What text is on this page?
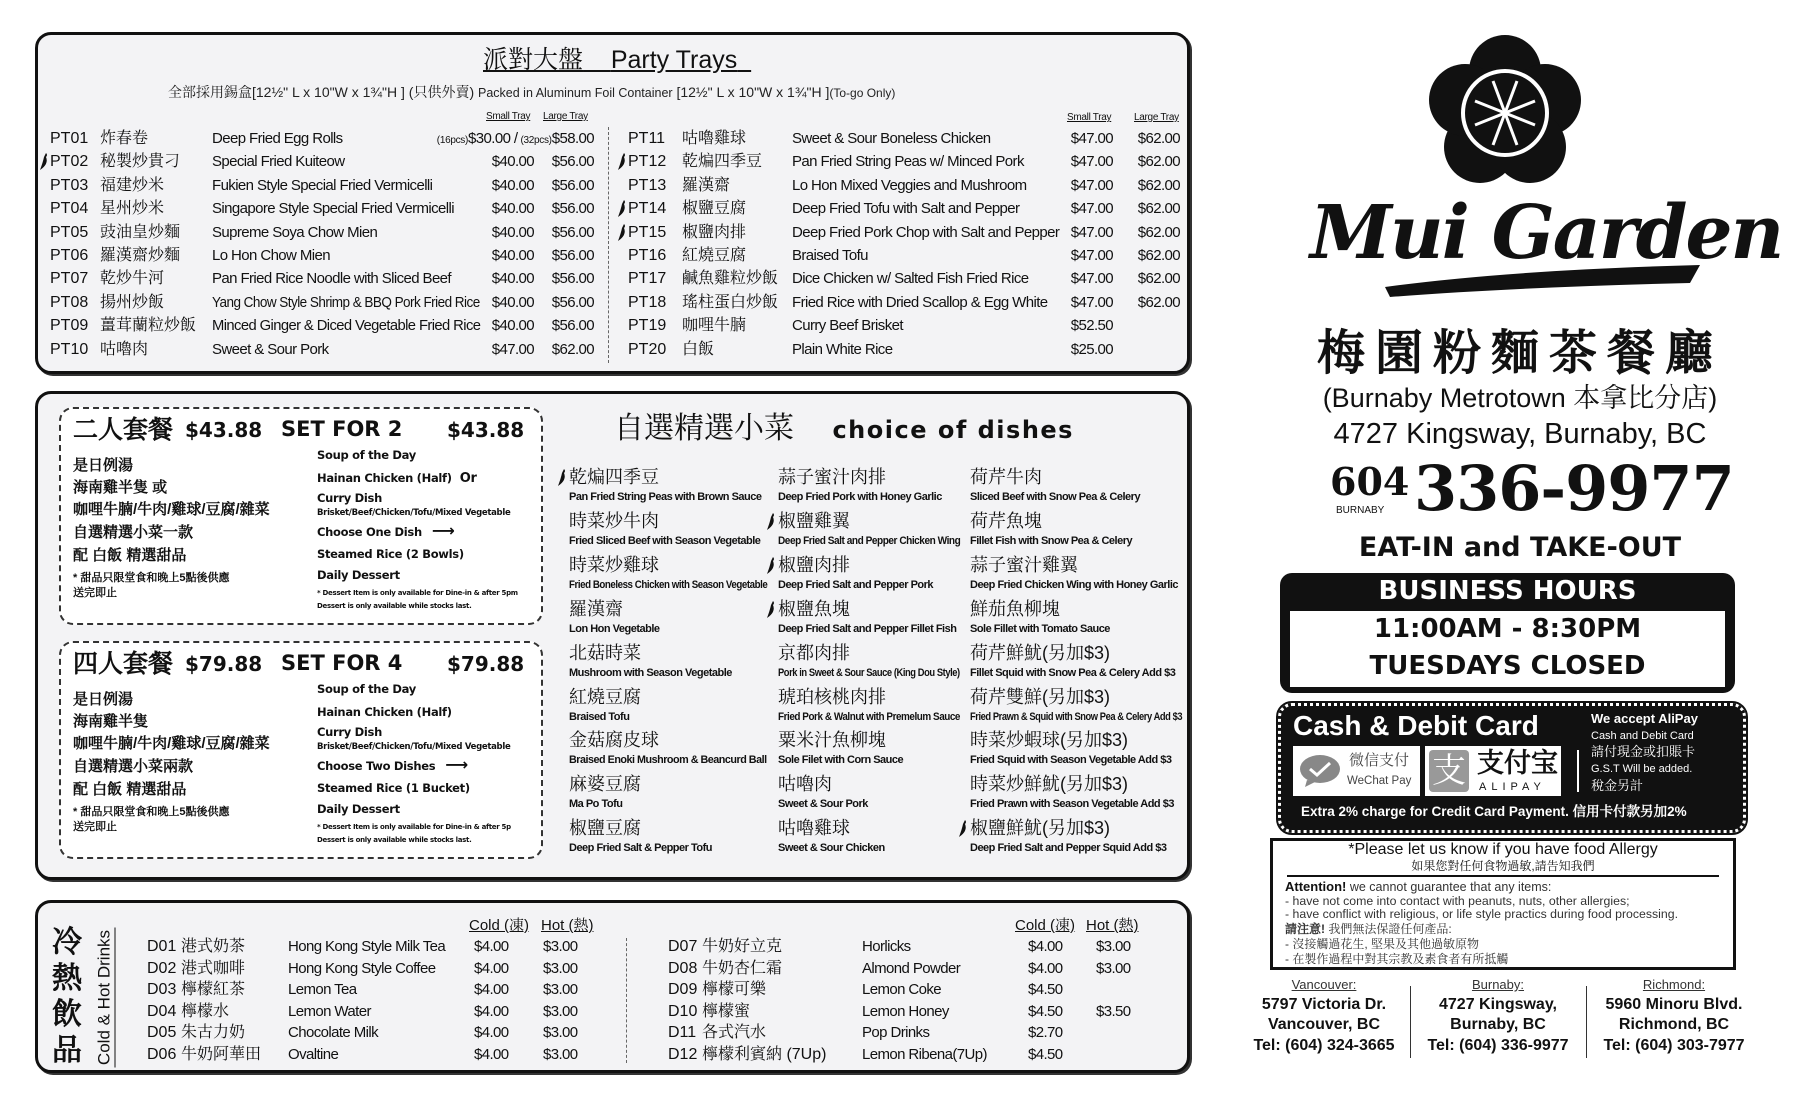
派對大盤 Party Trays
全部採用錫盒[12½" L x 10"W x 1¾"H ] (只供外賣) Packed in Aluminum Foil Container [12½" L x 10"W x 1¾"H ](To-go Only)
Small Tray Large Tray	Small Tray Large Tray
PT01 炸春卷	Deep Fried Egg Rolls	(16pcs)$30.00 / (32pcs)$58.00
PT02 秘製炒貴刁 Special Fried Kuiteow	$40.00 $56.00
PT03 福建炒米	Fukien Style Special Fried Vermicelli	$40.00 $56.00
PT04 星州炒米	Singapore Style Special Fried Vermicelli	$40.00 $56.00
PT05 豉油皇炒麵 Supreme Soya Chow Mien	$40.00 $56.00
PT06 羅漢齋炒麵 Lo Hon Chow Mien	$40.00 $56.00
PT07 乾炒牛河	Pan Fried Rice Noodle with Sliced Beef	$40.00 $56.00
PT08 揚州炒飯	Yang Chow Style Shrimp & BBQ Pork Fried Rice $40.00 $56.00
PT09 薑茸蘭粒炒飯 Minced Ginger & Diced Vegetable Fried Rice $40.00 $56.00
PT10 咕嚕肉	Sweet & Sour Pork	$47.00 $62.00
PT11 咕嚕雞球	Sweet & Sour Boneless Chicken	$47.00 $62.00
PT12 乾煸四季豆 Pan Fried String Peas w/ Minced Pork	$47.00 $62.00
PT13 羅漢齋	Lo Hon Mixed Veggies and Mushroom	$47.00 $62.00
PT14 椒鹽豆腐	Deep Fried Tofu with Salt and Pepper	$47.00 $62.00
PT15 椒鹽肉排	Deep Fried Pork Chop with Salt and Pepper $47.00 $62.00
PT16 紅燒豆腐	Braised Tofu	$47.00 $62.00
PT17 鹹魚雞粒炒飯 Dice Chicken w/ Salted Fish Fried Rice	$47.00 $62.00
PT18 瑤柱蛋白炒飯 Fried Rice with Dried Scallop & Egg White $47.00 $62.00
PT19 咖哩牛腩	Curry Beef Brisket	$52.50
PT20 白飯	Plain White Rice	$25.00
二人套餐 $43.88 SET FOR 2 $43.88
是日例湯
海南雞半隻 或
咖哩牛腩/牛肉/雞球/豆腐/雜菜
自選精選小菜一款
配 白飯 精選甜品
* 甜品只限堂食和晚上5點後供應
送完即止
Soup of the Day
Hainan Chicken (Half) Or
Curry Dish
Brisket/Beef/Chicken/Tofu/Mixed Vegetable
Choose One Dish ⟶
Steamed Rice (2 Bowls)
Daily Dessert
* Dessert Item is only available for Dine-in & after 5pm
Dessert is only available while stocks last.
四人套餐 $79.88 SET FOR 4 $79.88
是日例湯
海南雞半隻
咖哩牛腩/牛肉/雞球/豆腐/雜菜
自選精選小菜兩款
配 白飯 精選甜品
* 甜品只限堂食和晚上5點後供應
送完即止
Soup of the Day
Hainan Chicken (Half)
Curry Dish
Brisket/Beef/Chicken/Tofu/Mixed Vegetable
Choose Two Dishes ⟶
Steamed Rice (1 Bucket)
Daily Dessert
* Dessert Item is only available for Dine-in & after 5p
Dessert is only available while stocks last.
自選精選小菜 choice of dishes
乾煸四季豆
Pan Fried String Peas with Brown Sauce
時菜炒牛肉
Fried Sliced Beef with Season Vegetable
時菜炒雞球
Fried Boneless Chicken with Season Vegetable
羅漢齋
Lon Hon Vegetable
北菇時菜
Mushroom with Season Vegetable
紅燒豆腐
Braised Tofu
金菇腐皮球
Braised Enoki Mushroom & Beancurd Ball
麻婆豆腐
Ma Po Tofu
椒鹽豆腐
Deep Fried Salt & Pepper Tofu
蒜子蜜汁肉排
Deep Fried Pork with Honey Garlic
椒鹽雞翼
Deep Fried Salt and Pepper Chicken Wing
椒鹽肉排
Deep Fried Salt and Pepper Pork
椒鹽魚塊
Deep Fried Salt and Pepper Fillet Fish
京都肉排
Pork in Sweet & Sour Sauce (King Dou Style)
琥珀核桃肉排
Fried Pork & Walnut with Premelum Sauce
粟米汁魚柳塊
Sole Filet with Corn Sauce
咕嚕肉
Sweet & Sour Pork
咕嚕雞球
Sweet & Sour Chicken
荷芹牛肉
Sliced Beef with Snow Pea & Celery
荷芹魚塊
Fillet Fish with Snow Pea & Celery
蒜子蜜汁雞翼
Deep Fried Chicken Wing with Honey Garlic
鮮茄魚柳塊
Sole Fillet with Tomato Sauce
荷芹鮮魷(另加$3)
Fillet Squid with Snow Pea & Celery Add $3
荷芹雙鮮(另加$3)
Fried Prawn & Squid with Snow Pea & Celery Add $3
時菜炒蝦球(另加$3)
Fried Squid with Season Vegetable Add $3
時菜炒鮮魷(另加$3)
Fried Prawn with Season Vegetable Add $3
椒鹽鮮魷(另加$3)
Deep Fried Salt and Pepper Squid Add $3
冷
熱
飲
品 Cold & Hot Drinks
Cold (凍) Hot (熱)	Cold (凍) Hot (熱)
D01 港式奶茶	Hong Kong Style Milk Tea $4.00 $3.00
D02 港式咖啡	Hong Kong Style Coffee	$4.00 $3.00
D03 檸檬紅茶	Lemon Tea	$4.00 $3.00
D04 檸檬水	Lemon Water	$4.00 $3.00
D05 朱古力奶	Chocolate Milk	$4.00 $3.00
D06 牛奶阿華田 Ovaltine	$4.00 $3.00
D07 牛奶好立克	Horlicks	$4.00 $3.00
D08 牛奶杏仁霜	Almond Powder	$4.00 $3.00
D09 檸檬可樂	Lemon Coke	$4.50
D10 檸檬蜜	Lemon Honey	$4.50 $3.50
D11 各式汽水	Pop Drinks	$2.70
D12 檸檬利賓納 (7Up) Lemon Ribena(7Up)	$4.50
Mui Garden
梅園粉麵茶餐廳
(Burnaby Metrotown 本拿比分店)
4727 Kingsway, Burnaby, BC
604
BURNABY 336-9977
EAT-IN and TAKE-OUT
BUSINESS HOURS
11:00AM - 8:30PM
TUESDAYS CLOSED
Cash & Debit Card
微信支付
WeChat Pay 支 支付宝
ALIPAY
We accept AliPay
Cash and Debit Card
請付現金或扣賬卡
G.S.T Will be added.
稅金另計
Extra 2% charge for Credit Card Payment. 信用卡付款另加2%
*Please let us know if you have food Allergy
如果您對任何食物過敏,請告知我們
Attention! we cannot guarantee that any items:
- have not come into contact with peanuts, nuts, other allergies;
- have conflict with religious, or life style practics during food processing.
請注意! 我們無法保證任何產品:
- 沒接觸過花生, 堅果及其他過敏原物
- 在製作過程中對其宗教及素食者有所抵觸
Vancouver:
5797 Victoria Dr.
Vancouver, BC
Tel: (604) 324-3665
Burnaby:
4727 Kingsway,
Burnaby, BC
Tel: (604) 336-9977
Richmond:
5960 Minoru Blvd.
Richmond, BC
Tel: (604) 303-7977
